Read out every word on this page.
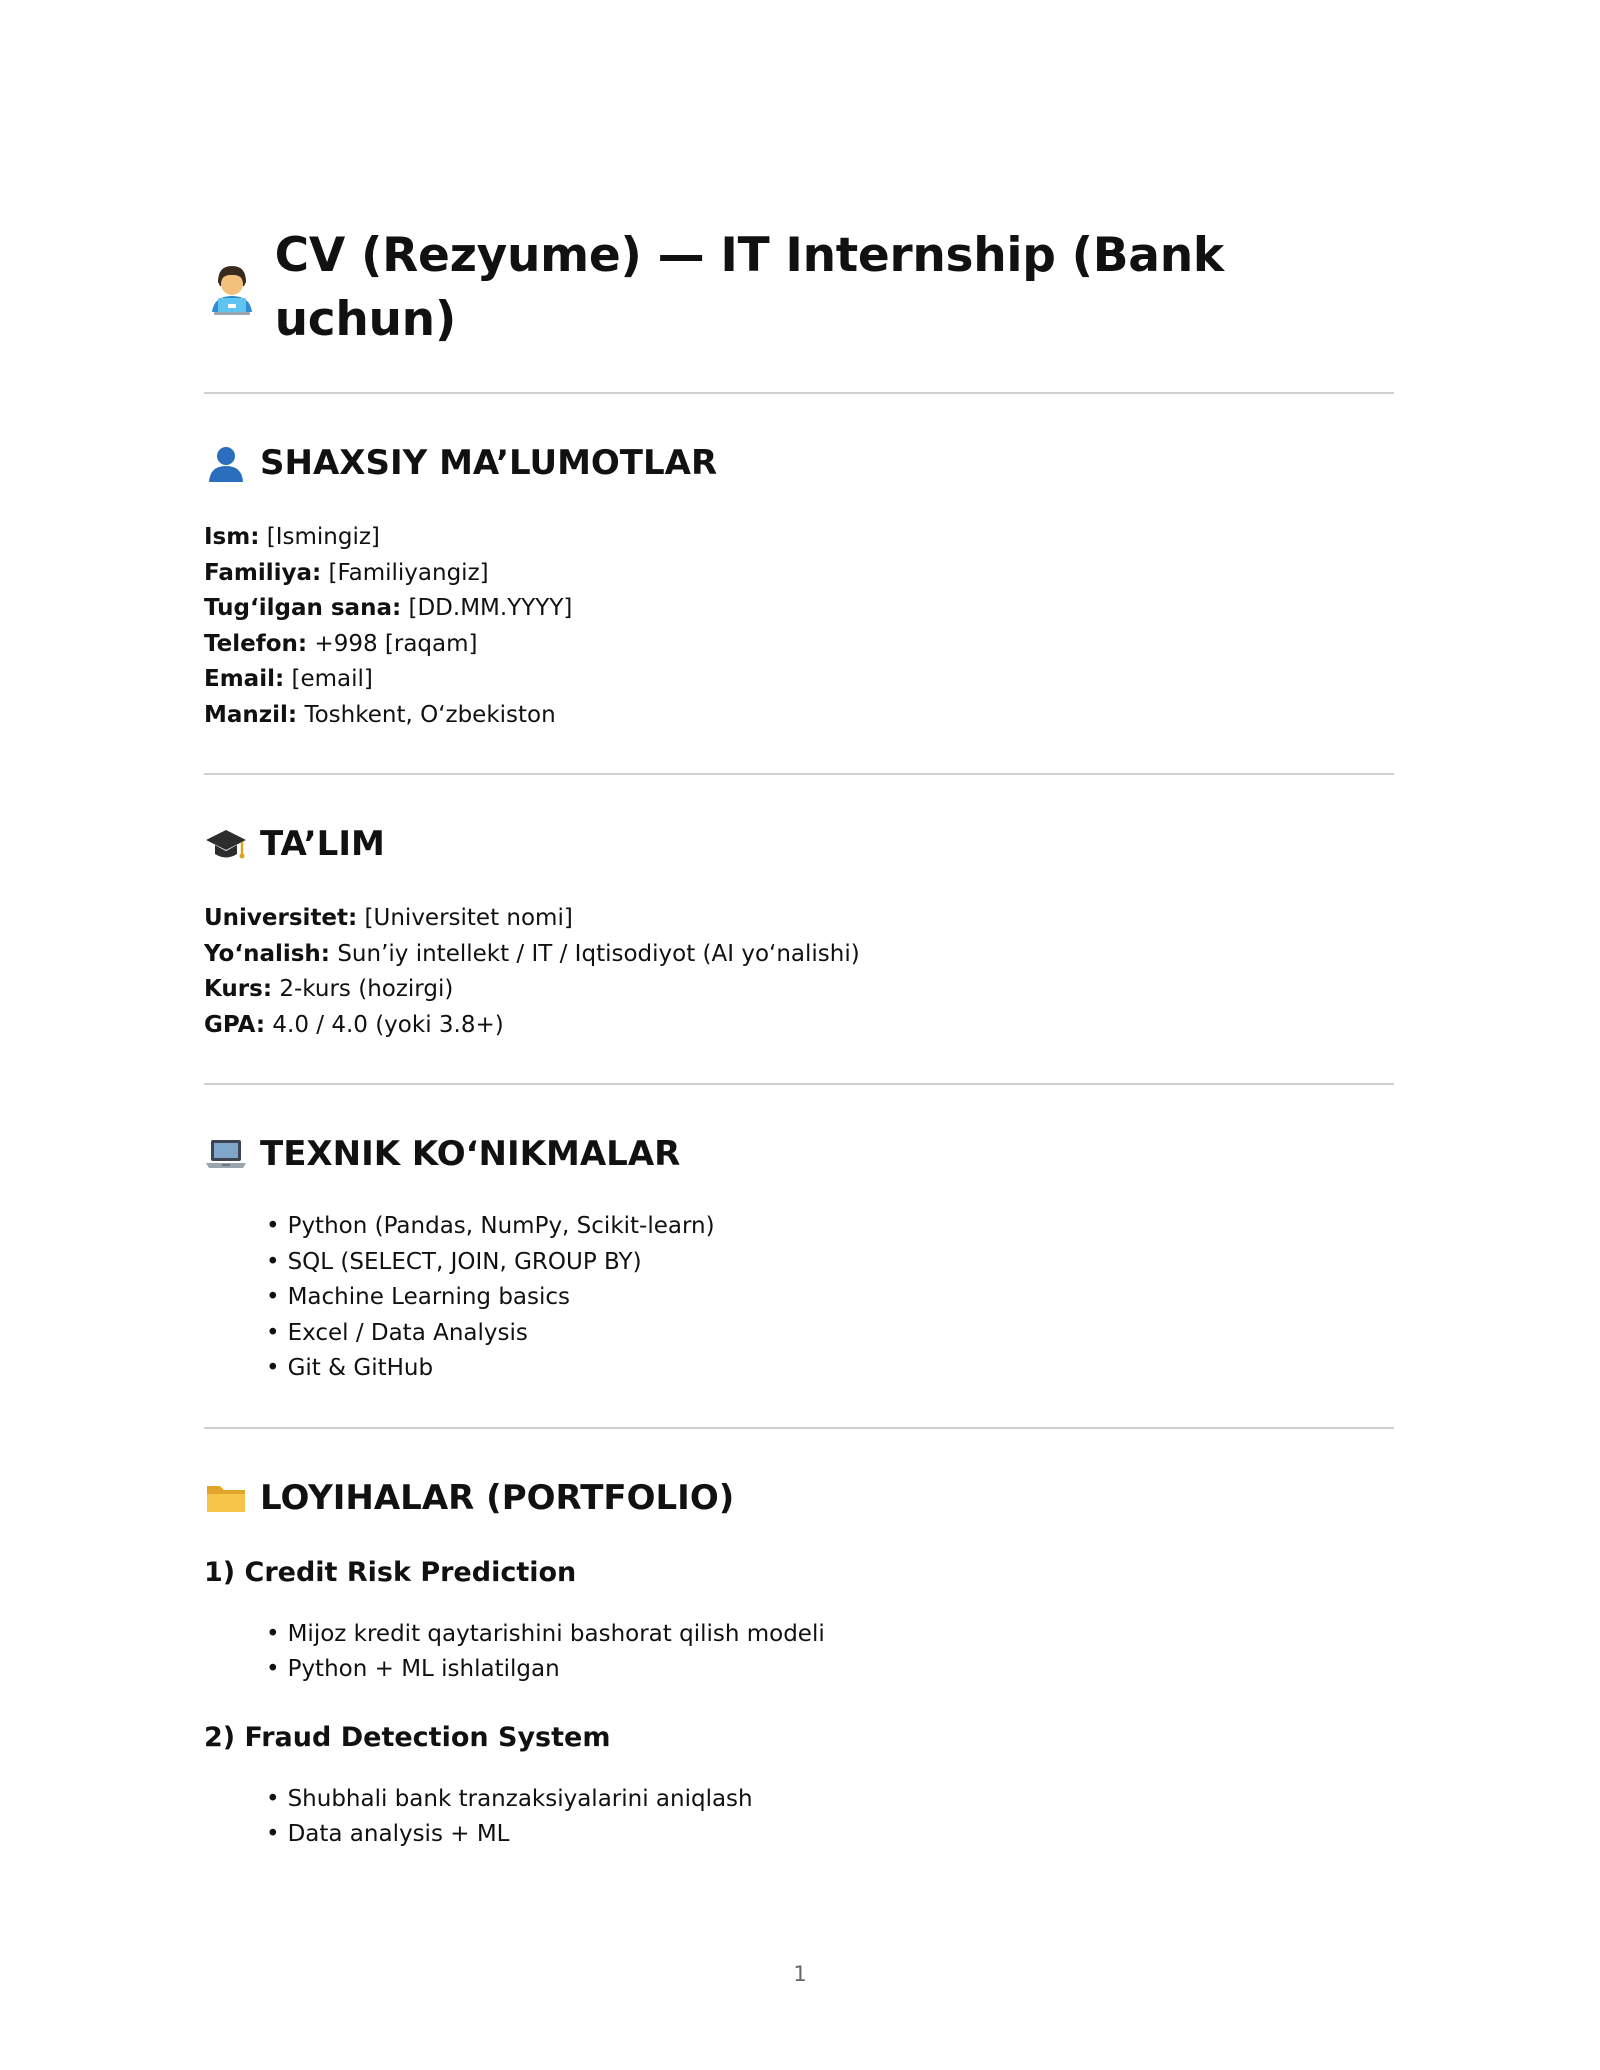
CV (Rezyume) — IT Internship (Bank uchun)
SHAXSIY MA’LUMOTLAR
Ism: [Ismingiz]
Familiya: [Familiyangiz]
Tug‘ilgan sana: [DD.MM.YYYY]
Telefon: +998 [raqam]
Email: [email]
Manzil: Toshkent, O‘zbekiston
TA’LIM
Universitet: [Universitet nomi]
Yo‘nalish: Sun’iy intellekt / IT / Iqtisodiyot (AI yo‘nalishi)
Kurs: 2-kurs (hozirgi)
GPA: 4.0 / 4.0 (yoki 3.8+)
TEXNIK KO‘NIKMALAR
• Python (Pandas, NumPy, Scikit-learn)
• SQL (SELECT, JOIN, GROUP BY)
• Machine Learning basics
• Excel / Data Analysis
• Git & GitHub
LOYIHALAR (PORTFOLIO)
1) Credit Risk Prediction
• Mijoz kredit qaytarishini bashorat qilish modeli
• Python + ML ishlatilgan
2) Fraud Detection System
• Shubhali bank tranzaksiyalarini aniqlash
• Data analysis + ML
1
